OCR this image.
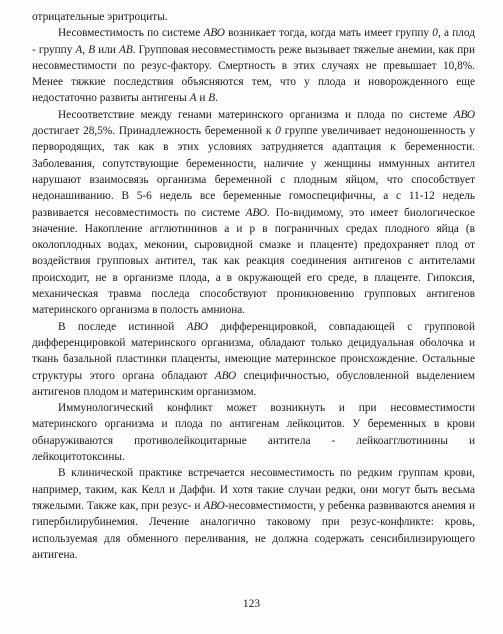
отрицательные эритроциты.

Несовместимость по системе АВО возникает тогда, когда мать имеет группу 0, а плод - группу А, В или АВ. Групповая несовместимость реже вызывает тяжелые анемии, как при несовместимости по резус-фактору. Смертность в этих случаях не превышает 10,8%. Менее тяжкие последствия объясняются тем, что у плода и новорожденного еще недостаточно развиты антигены А и В.

Несоответствие между генами материнского организма и плода по системе АВО достигает 28,5%. Принадлежность беременной к 0 группе увеличивает недоношенность у первородящих, так как в этих условиях затрудняется адаптация к беременности. Заболевания, сопутствующие беременности, наличие у женщины иммунных антител нарушают взаимосвязь организма беременной с плодным яйцом, что способствует недонашиванию. В 5-6 недель все беременные гомоспецифичны, а с 11-12 недель развивается несовместимость по системе АВО. По-видимому, это имеет биологическое значение. Накопление агглютининов а и р в пограничных средах плодного яйца (в околоплодных водах, меконии, сыровидной смазке и плаценте) предохраняет плод от воздействия групповых антител, так как реакция соединения антигенов с антителами происходит, не в организме плода, а в окружающей его среде, в плаценте. Гипоксия, механическая травма последа способствуют проникновению групповых антигенов материнского организма в полость амниона.

В последе истинной АВО дифференцировкой, совпадающей с групповой дифференцировкой материнского организма, обладают только децидуальная оболочка и ткань базальной пластинки плаценты, имеющие материнское происхождение. Остальные структуры этого органа обладают АВО специфичностью, обусловленной выделением антигенов плодом и материнским организмом.

Иммунологический конфликт может возникнуть и при несовместимости материнского организма и плода по антигенам лейкоцитов. У беременных в крови обнаруживаются противолейкоцитарные антитела - лейкоагглютинины и лейкоцитотоксины.

В клинической практике встречается несовместимость по редким группам крови, например, таким, как Келл и Даффи. И хотя такие случаи редки, они могут быть весьма тяжелыми. Также как, при резус- и АВО-несовместимости, у ребенка развиваются анемия и гипербилирубинемия. Лечение аналогично таковому при резус-конфликте: кровь, используемая для обменного переливания, не должна содержать сенсибилизирующего антигена.

123
